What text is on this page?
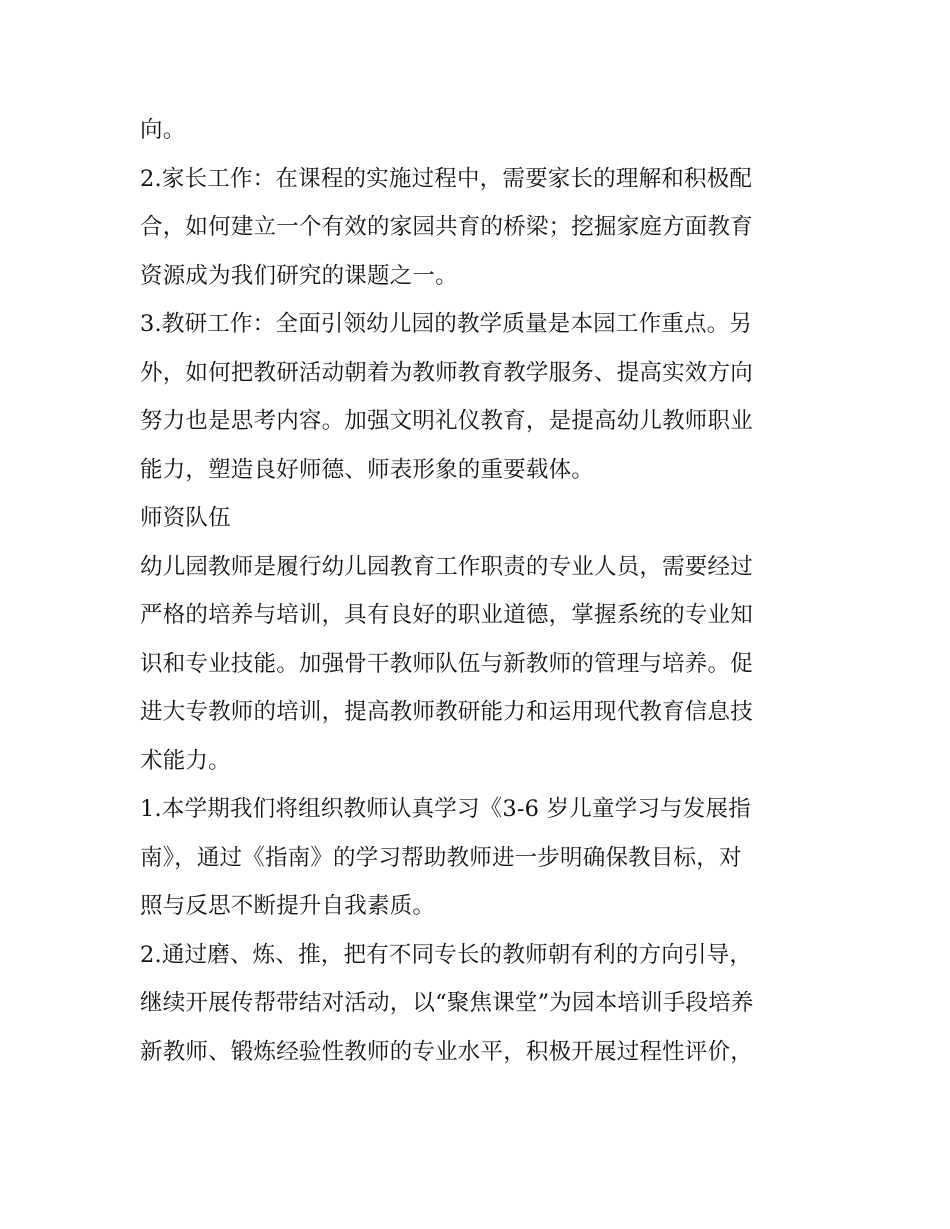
向。
2.家长工作：在课程的实施过程中，需要家长的理解和积极配
合，如何建立一个有效的家园共育的桥梁；挖掘家庭方面教育
资源成为我们研究的课题之一。
3.教研工作：全面引领幼儿园的教学质量是本园工作重点。另
外，如何把教研活动朝着为教师教育教学服务、提高实效方向
努力也是思考内容。加强文明礼仪教育，是提高幼儿教师职业
能力，塑造良好师德、师表形象的重要载体。
师资队伍
幼儿园教师是履行幼儿园教育工作职责的专业人员，需要经过
严格的培养与培训，具有良好的职业道德，掌握系统的专业知
识和专业技能。加强骨干教师队伍与新教师的管理与培养。促
进大专教师的培训，提高教师教研能力和运用现代教育信息技
术能力。
1.本学期我们将组织教师认真学习《3-6 岁儿童学习与发展指
南》，通过《指南》的学习帮助教师进一步明确保教目标，对
照与反思不断提升自我素质。
2.通过磨、炼、推，把有不同专长的教师朝有利的方向引导，
继续开展传帮带结对活动，以“聚焦课堂”为园本培训手段培养
新教师、锻炼经验性教师的专业水平，积极开展过程性评价，
